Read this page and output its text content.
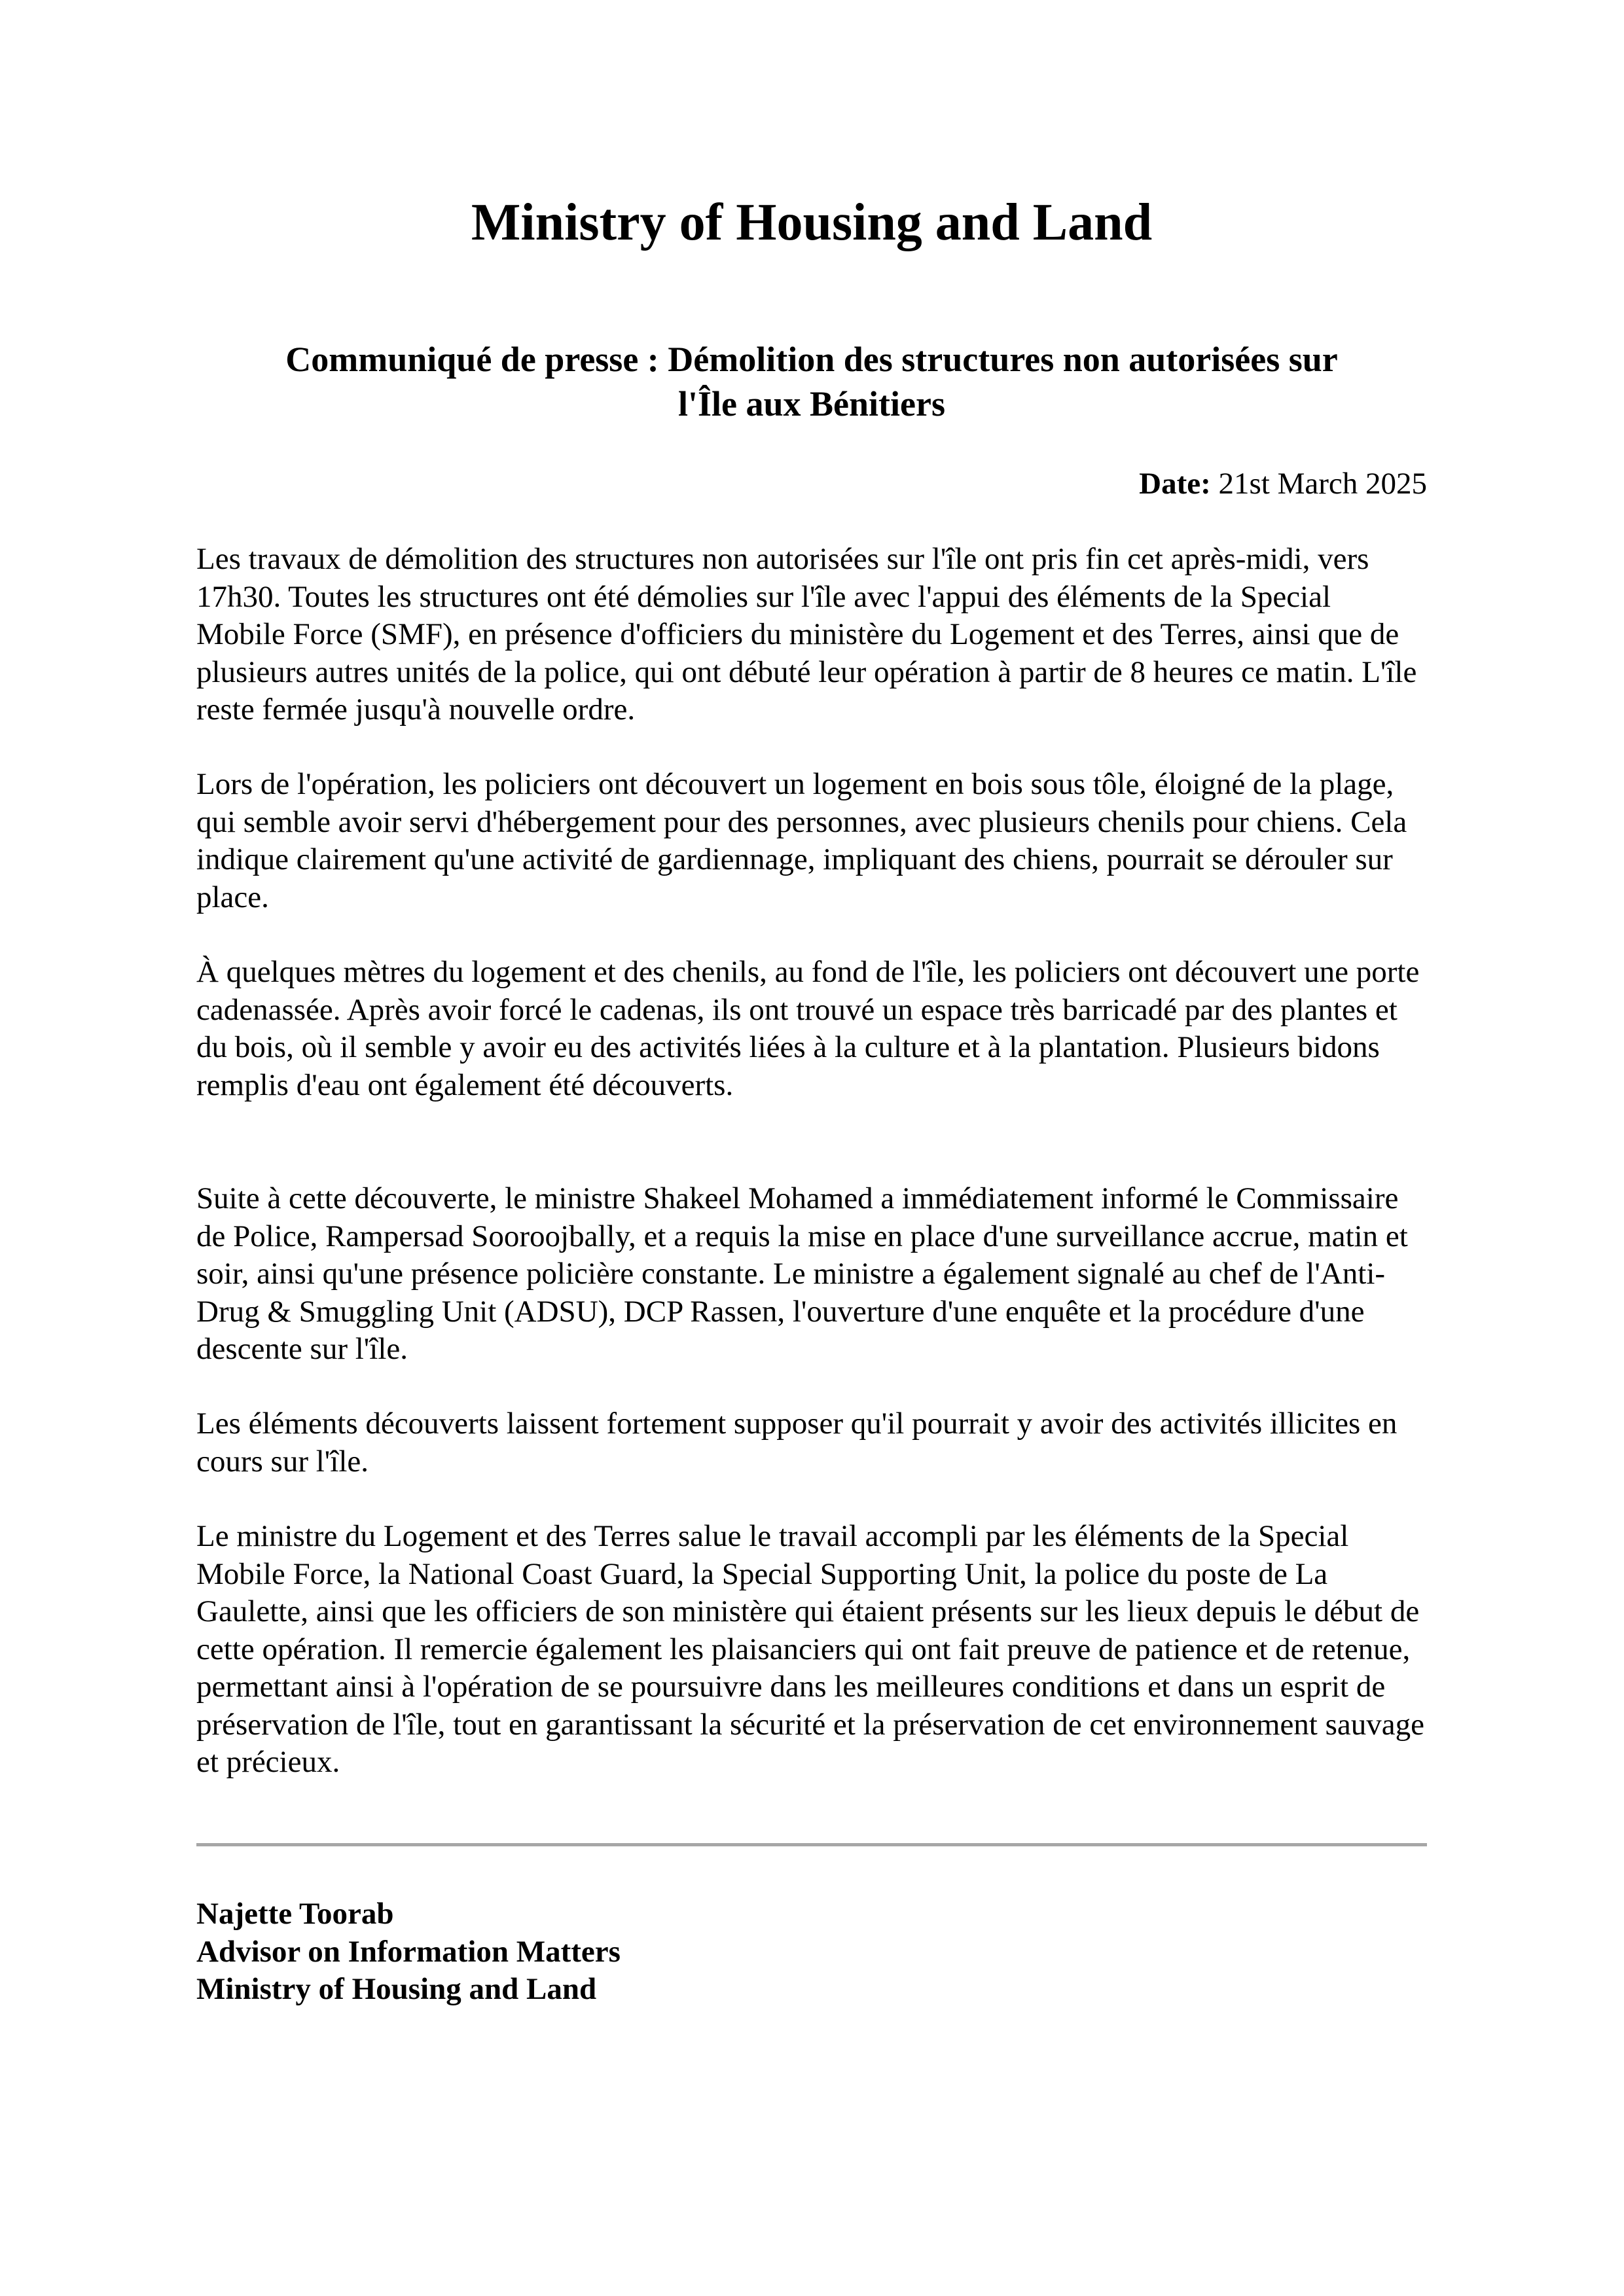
Ministry of Housing and Land
Communiqué de presse : Démolition des structures non autorisées sur
l'Île aux Bénitiers
Date: 21st March 2025

Les travaux de démolition des structures non autorisées sur l'île ont pris fin cet après-midi, vers 17h30. Toutes les structures ont été démolies sur l'île avec l'appui des éléments de la Special Mobile Force (SMF), en présence d'officiers du ministère du Logement et des Terres, ainsi que de plusieurs autres unités de la police, qui ont débuté leur opération à partir de 8 heures ce matin. L'île reste fermée jusqu'à nouvelle ordre.

Lors de l'opération, les policiers ont découvert un logement en bois sous tôle, éloigné de la plage, qui semble avoir servi d'hébergement pour des personnes, avec plusieurs chenils pour chiens. Cela indique clairement qu'une activité de gardiennage, impliquant des chiens, pourrait se dérouler sur place.

À quelques mètres du logement et des chenils, au fond de l'île, les policiers ont découvert une porte cadenassée. Après avoir forcé le cadenas, ils ont trouvé un espace très barricadé par des plantes et du bois, où il semble y avoir eu des activités liées à la culture et à la plantation. Plusieurs bidons remplis d'eau ont également été découverts.

Suite à cette découverte, le ministre Shakeel Mohamed a immédiatement informé le Commissaire de Police, Rampersad Sooroojbally, et a requis la mise en place d'une surveillance accrue, matin et soir, ainsi qu'une présence policière constante. Le ministre a également signalé au chef de l'Anti-Drug & Smuggling Unit (ADSU), DCP Rassen, l'ouverture d'une enquête et la procédure d'une descente sur l'île.

Les éléments découverts laissent fortement supposer qu'il pourrait y avoir des activités illicites en cours sur l'île.

Le ministre du Logement et des Terres salue le travail accompli par les éléments de la Special Mobile Force, la National Coast Guard, la Special Supporting Unit, la police du poste de La Gaulette, ainsi que les officiers de son ministère qui étaient présents sur les lieux depuis le début de cette opération. Il remercie également les plaisanciers qui ont fait preuve de patience et de retenue, permettant ainsi à l'opération de se poursuivre dans les meilleures conditions et dans un esprit de préservation de l'île, tout en garantissant la sécurité et la préservation de cet environnement sauvage et précieux.

Najette Toorab
Advisor on Information Matters
Ministry of Housing and Land
